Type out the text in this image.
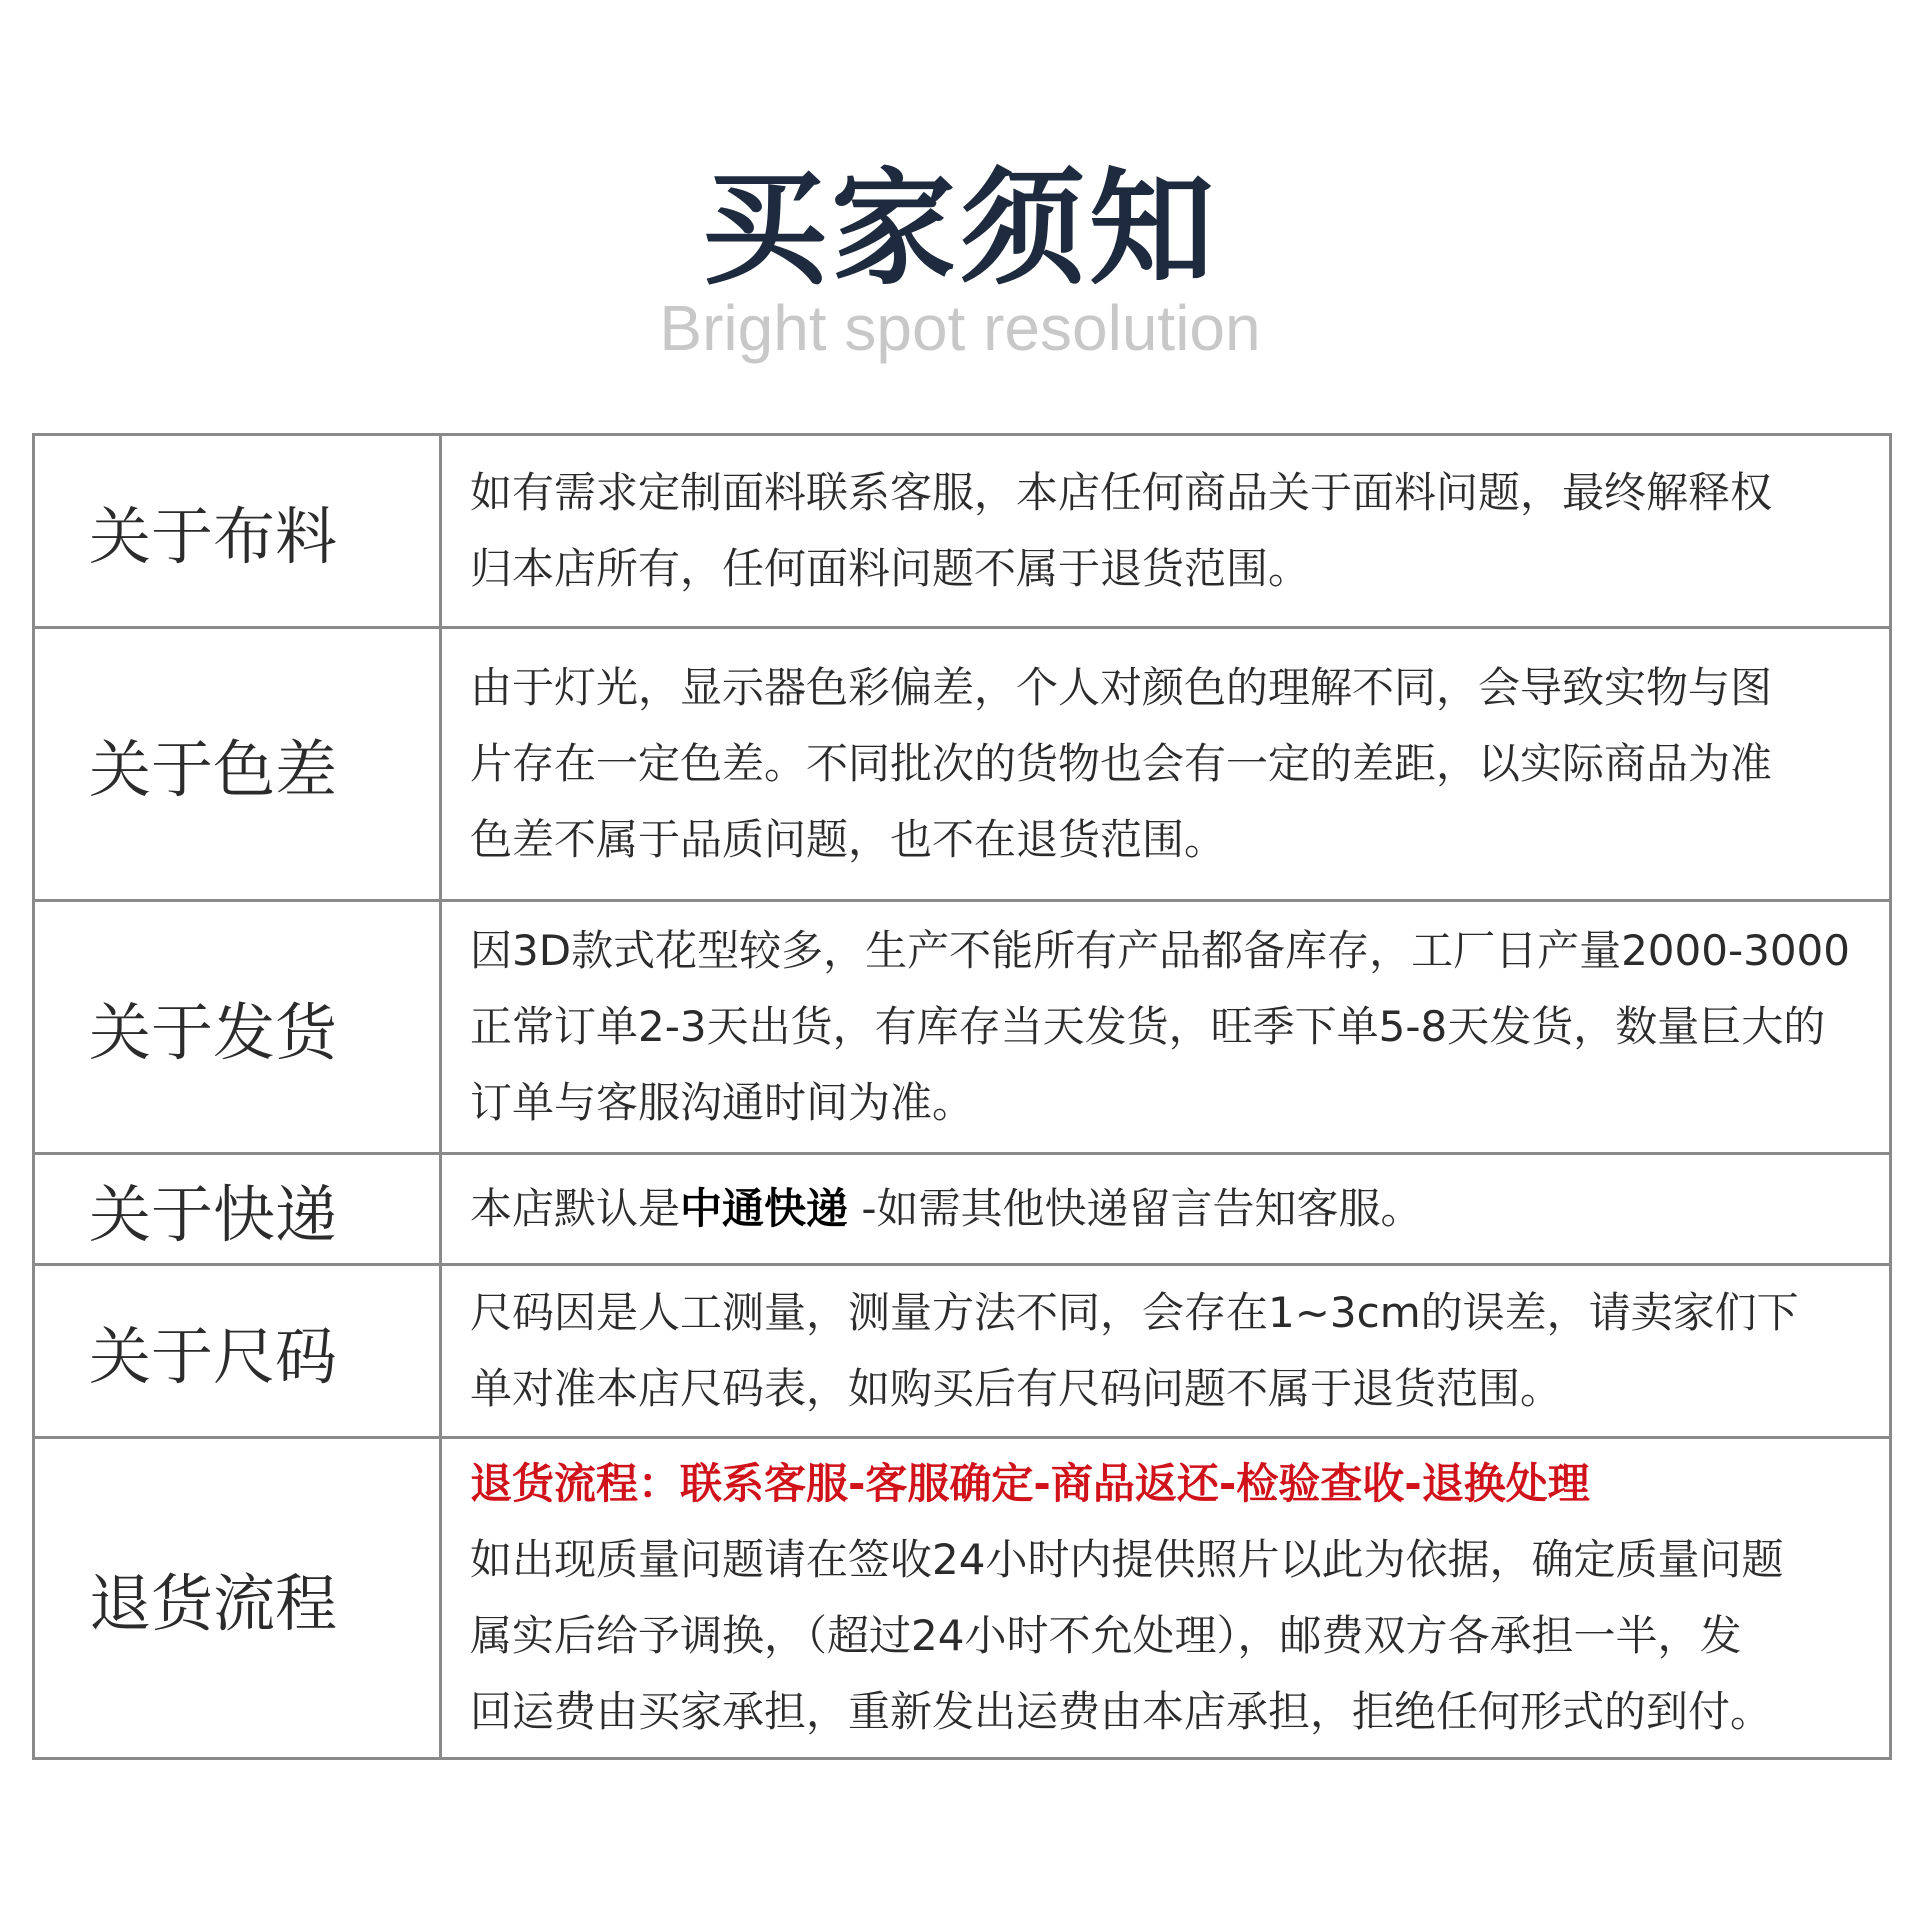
买家须知
Bright spot resolution
关于布料	如有需求定制面料联系客服，本店任何商品关于面料问题，最终解释权
归本店所有，任何面料问题不属于退货范围。
关于色差	由于灯光，显示器色彩偏差，个人对颜色的理解不同，会导致实物与图
片存在一定色差。不同批次的货物也会有一定的差距，以实际商品为准
色差不属于品质问题，也不在退货范围。
关于发货	因3D款式花型较多，生产不能所有产品都备库存，工厂日产量2000-3000
正常订单2-3天出货，有库存当天发货，旺季下单5-8天发货，数量巨大的
订单与客服沟通时间为准。
关于快递	本店默认是中通快递 -如需其他快递留言告知客服。
关于尺码	尺码因是人工测量，测量方法不同，会存在1~3cm的误差，请卖家们下
单对准本店尺码表，如购买后有尺码问题不属于退货范围。
退货流程	退货流程：联系客服-客服确定-商品返还-检验查收-退换处理
如出现质量问题请在签收24小时内提供照片以此为依据，确定质量问题
属实后给予调换，（超过24小时不允处理），邮费双方各承担一半，发
回运费由买家承担，重新发出运费由本店承担，拒绝任何形式的到付。
